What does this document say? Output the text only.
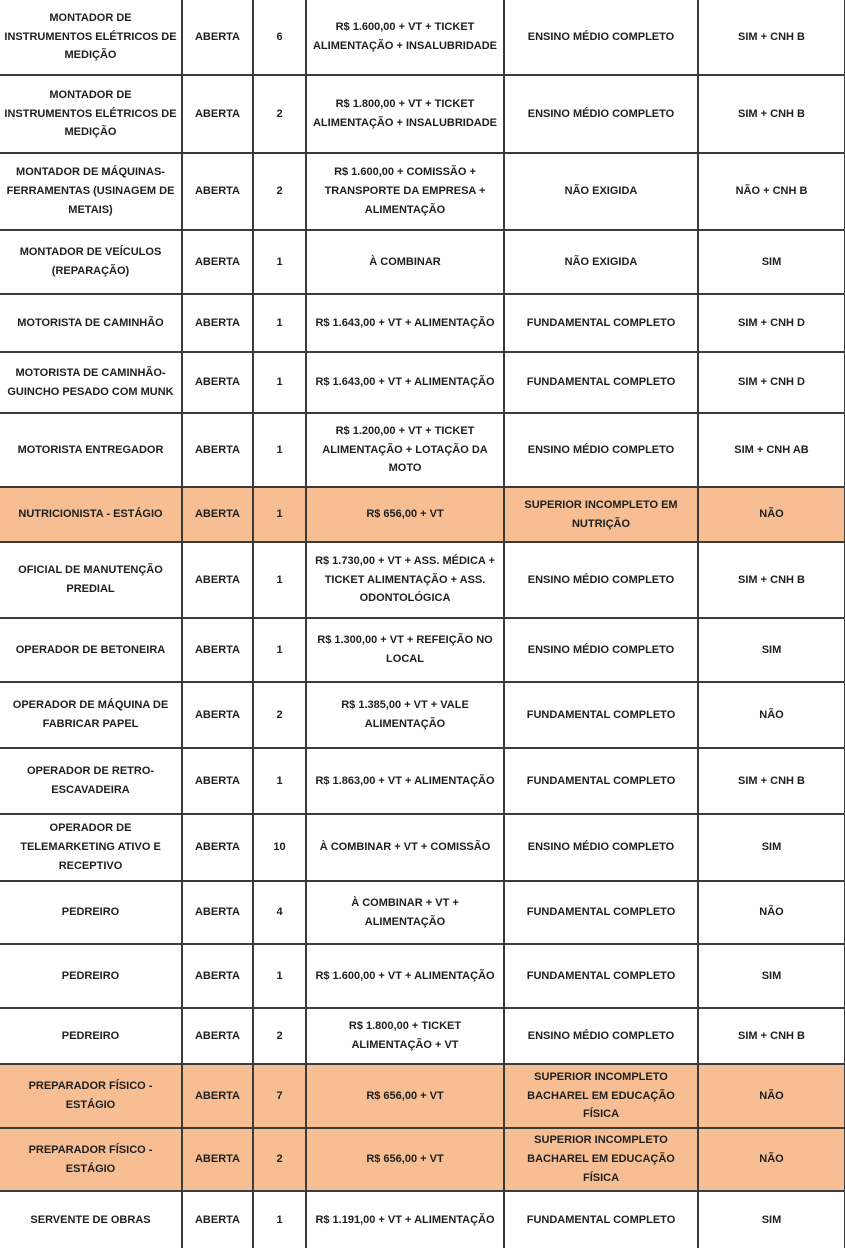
MONTADOR DE INSTRUMENTOS ELÉTRICOS DE MEDIÇÃO	ABERTA	6	R$ 1.600,00 + VT + TICKET ALIMENTAÇÃO + INSALUBRIDADE	ENSINO MÉDIO COMPLETO	SIM + CNH B
MONTADOR DE INSTRUMENTOS ELÉTRICOS DE MEDIÇÃO	ABERTA	2	R$ 1.800,00 + VT + TICKET ALIMENTAÇÃO + INSALUBRIDADE	ENSINO MÉDIO COMPLETO	SIM + CNH B
MONTADOR DE MÁQUINAS-FERRAMENTAS (USINAGEM DE METAIS)	ABERTA	2	R$ 1.600,00 + COMISSÃO + TRANSPORTE DA EMPRESA + ALIMENTAÇÃO	NÃO EXIGIDA	NÃO + CNH B
MONTADOR DE VEÍCULOS (REPARAÇÃO)	ABERTA	1	À COMBINAR	NÃO EXIGIDA	SIM
MOTORISTA DE CAMINHÃO	ABERTA	1	R$ 1.643,00 + VT + ALIMENTAÇÃO	FUNDAMENTAL COMPLETO	SIM + CNH D
MOTORISTA DE CAMINHÃO-GUINCHO PESADO COM MUNK	ABERTA	1	R$ 1.643,00 + VT + ALIMENTAÇÃO	FUNDAMENTAL COMPLETO	SIM + CNH D
MOTORISTA ENTREGADOR	ABERTA	1	R$ 1.200,00 + VT + TICKET ALIMENTAÇÃO + LOTAÇÃO DA MOTO	ENSINO MÉDIO COMPLETO	SIM + CNH AB
NUTRICIONISTA - ESTÁGIO	ABERTA	1	R$ 656,00 + VT	SUPERIOR INCOMPLETO EM NUTRIÇÃO	NÃO
OFICIAL DE MANUTENÇÃO PREDIAL	ABERTA	1	R$ 1.730,00 + VT + ASS. MÉDICA + TICKET ALIMENTAÇÃO + ASS. ODONTOLÓGICA	ENSINO MÉDIO COMPLETO	SIM + CNH B
OPERADOR DE BETONEIRA	ABERTA	1	R$ 1.300,00 + VT + REFEIÇÃO NO LOCAL	ENSINO MÉDIO COMPLETO	SIM
OPERADOR DE MÁQUINA DE FABRICAR PAPEL	ABERTA	2	R$ 1.385,00 + VT + VALE ALIMENTAÇÃO	FUNDAMENTAL COMPLETO	NÃO
OPERADOR DE RETRO-ESCAVADEIRA	ABERTA	1	R$ 1.863,00 + VT + ALIMENTAÇÃO	FUNDAMENTAL COMPLETO	SIM + CNH B
OPERADOR DE TELEMARKETING ATIVO E RECEPTIVO	ABERTA	10	À COMBINAR + VT + COMISSÃO	ENSINO MÉDIO COMPLETO	SIM
PEDREIRO	ABERTA	4	À COMBINAR + VT + ALIMENTAÇÃO	FUNDAMENTAL COMPLETO	NÃO
PEDREIRO	ABERTA	1	R$ 1.600,00 + VT + ALIMENTAÇÃO	FUNDAMENTAL COMPLETO	SIM
PEDREIRO	ABERTA	2	R$ 1.800,00 + TICKET ALIMENTAÇÃO + VT	ENSINO MÉDIO COMPLETO	SIM + CNH B
PREPARADOR FÍSICO - ESTÁGIO	ABERTA	7	R$ 656,00 + VT	SUPERIOR INCOMPLETO BACHAREL EM EDUCAÇÃO FÍSICA	NÃO
PREPARADOR FÍSICO - ESTÁGIO	ABERTA	2	R$ 656,00 + VT	SUPERIOR INCOMPLETO BACHAREL EM EDUCAÇÃO FÍSICA	NÃO
SERVENTE DE OBRAS	ABERTA	1	R$ 1.191,00 + VT + ALIMENTAÇÃO	FUNDAMENTAL COMPLETO	SIM
